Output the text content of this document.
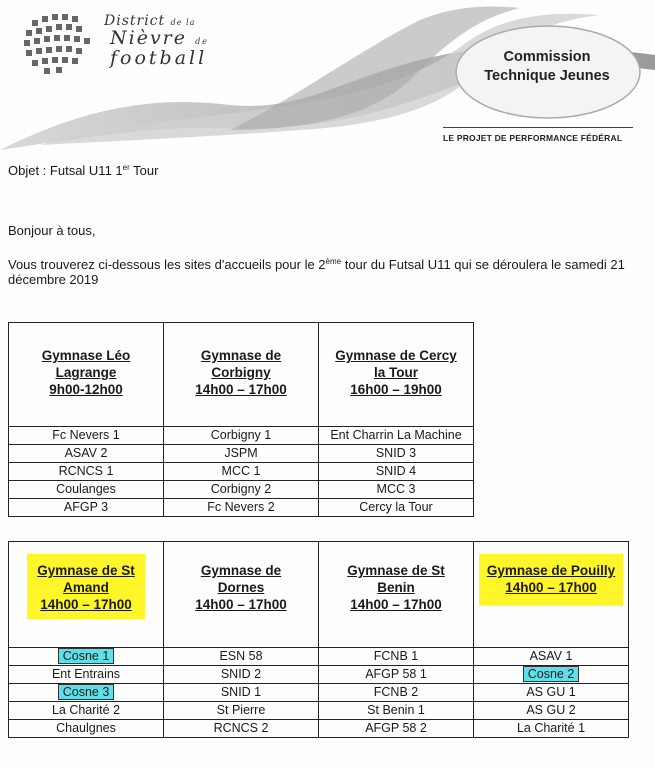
District de la
Nièvre de
football	Commission
Technique Jeunes
LE PROJET DE PERFORMANCE FÉDÉRAL
Objet : Futsal U11 1er Tour
Bonjour à tous,
Vous trouverez ci-dessous les sites d'accueils pour le 2ème tour du Futsal U11 qui se déroulera le samedi 21 décembre 2019
Gymnase Léo
Lagrange
9h00-12h00	Gymnase de
Corbigny
14h00 – 17h00	Gymnase de Cercy
la Tour
16h00 – 19h00
Fc Nevers 1	Corbigny 1	Ent Charrin La Machine
ASAV 2	JSPM	SNID 3
RCNCS 1	MCC 1	SNID 4
Coulanges	Corbigny 2	MCC 3
AFGP 3	Fc Nevers 2	Cercy la Tour
Gymnase de St
Amand
14h00 – 17h00	Gymnase de
Dornes
14h00 – 17h00	Gymnase de St
Benin
14h00 – 17h00	Gymnase de Pouilly
14h00 – 17h00
Cosne 1	ESN 58	FCNB 1	ASAV 1
Ent Entrains	SNID 2	AFGP 58 1	Cosne 2
Cosne 3	SNID 1	FCNB 2	AS GU 1
La Charité 2	St Pierre	St Benin 1	AS GU 2
Chaulgnes	RCNCS 2	AFGP 58 2	La Charité 1
